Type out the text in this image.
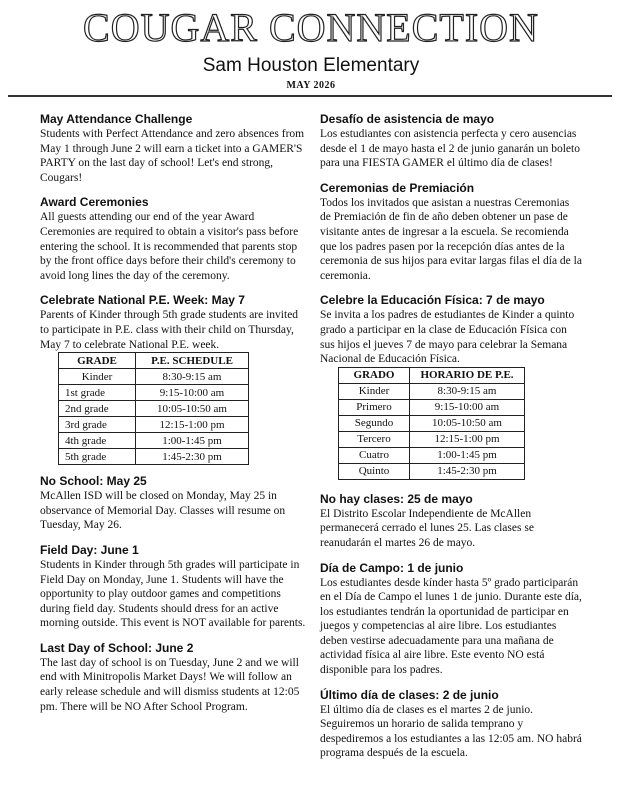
COUGAR CONNECTION
Sam Houston Elementary
MAY 2026

May Attendance Challenge

Students with Perfect Attendance and zero absences from May 1 through June 2 will earn a ticket into a GAMER'S PARTY on the last day of school! Let's end strong, Cougars!

Award Ceremonies

All guests attending our end of the year Award Ceremonies are required to obtain a visitor's pass before entering the school. It is recommended that parents stop by the front office days before their child's ceremony to avoid long lines the day of the ceremony.

Celebrate National P.E. Week: May 7

Parents of Kinder through 5th grade students are invited to participate in P.E. class with their child on Thursday, May 7 to celebrate National P.E. week.

GRADE	P.E. SCHEDULE
Kinder	8:30-9:15 am
1st grade	9:15-10:00 am
2nd grade	10:05-10:50 am
3rd grade	12:15-1:00 pm
4th grade	1:00-1:45 pm
5th grade	1:45-2:30 pm

No School: May 25

McAllen ISD will be closed on Monday, May 25 in observance of Memorial Day. Classes will resume on Tuesday, May 26.

Field Day: June 1

Students in Kinder through 5th grades will participate in Field Day on Monday, June 1. Students will have the opportunity to play outdoor games and competitions during field day. Students should dress for an active morning outside. This event is NOT available for parents.

Last Day of School: June 2

The last day of school is on Tuesday, June 2 and we will end with Minitropolis Market Days! We will follow an early release schedule and will dismiss students at 12:05 pm. There will be NO After School Program.

Desafío de asistencia de mayo

Los estudiantes con asistencia perfecta y cero ausencias desde el 1 de mayo hasta el 2 de junio ganarán un boleto para una FIESTA GAMER el último día de clases!

Ceremonias de Premiación

Todos los invitados que asistan a nuestras Ceremonias de Premiación de fin de año deben obtener un pase de visitante antes de ingresar a la escuela. Se recomienda que los padres pasen por la recepción días antes de la ceremonia de sus hijos para evitar largas filas el día de la ceremonia.

Celebre la Educación Física: 7 de mayo

Se invita a los padres de estudiantes de Kinder a quinto grado a participar en la clase de Educación Física con sus hijos el jueves 7 de mayo para celebrar la Semana Nacional de Educación Física.

GRADO	HORARIO DE P.E.
Kinder	8:30-9:15 am
Primero	9:15-10:00 am
Segundo	10:05-10:50 am
Tercero	12:15-1:00 pm
Cuatro	1:00-1:45 pm
Quinto	1:45-2:30 pm

No hay clases: 25 de mayo

El Distrito Escolar Independiente de McAllen permanecerá cerrado el lunes 25. Las clases se reanudarán el martes 26 de mayo.

Día de Campo: 1 de junio

Los estudiantes desde kínder hasta 5º grado participarán en el Día de Campo el lunes 1 de junio. Durante este día, los estudiantes tendrán la oportunidad de participar en juegos y competencias al aire libre. Los estudiantes deben vestirse adecuadamente para una mañana de actividad física al aire libre. Este evento NO está disponible para los padres.

Último día de clases: 2 de junio

El último día de clases es el martes 2 de junio. Seguiremos un horario de salida temprano y despediremos a los estudiantes a las 12:05 am. NO habrá programa después de la escuela.
